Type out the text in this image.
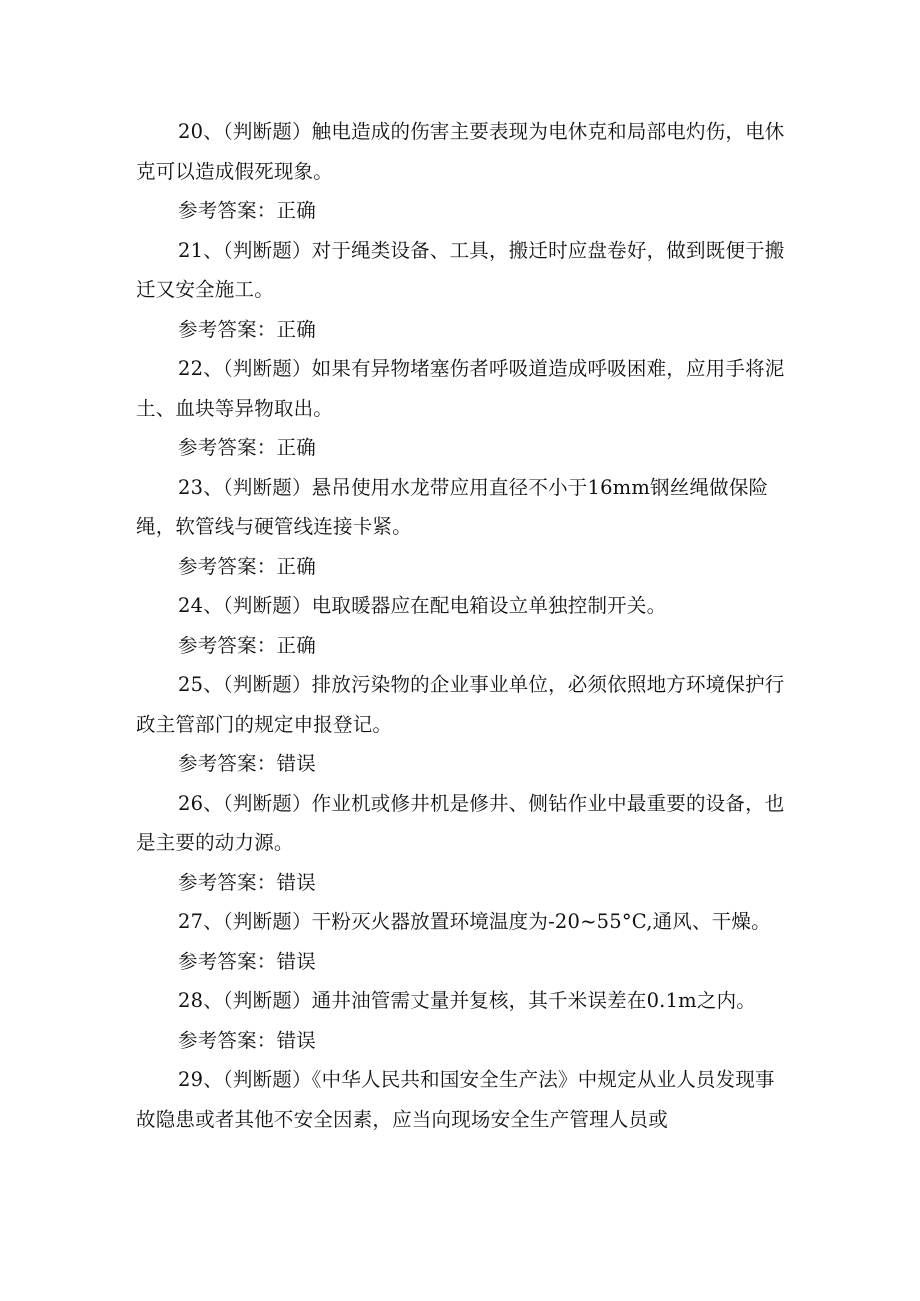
20、（判断题）触电造成的伤害主要表现为电休克和局部电灼伤，电休克可以造成假死现象。

参考答案：正确

21、（判断题）对于绳类设备、工具，搬迁时应盘卷好，做到既便于搬迁又安全施工。

参考答案：正确

22、（判断题）如果有异物堵塞伤者呼吸道造成呼吸困难，应用手将泥土、血块等异物取出。

参考答案：正确

23、（判断题）悬吊使用水龙带应用直径不小于16mm钢丝绳做保险绳，软管线与硬管线连接卡紧。

参考答案：正确

24、（判断题）电取暖器应在配电箱设立单独控制开关。

参考答案：正确

25、（判断题）排放污染物的企业事业单位，必须依照地方环境保护行政主管部门的规定申报登记。

参考答案：错误

26、（判断题）作业机或修井机是修井、侧钻作业中最重要的设备，也是主要的动力源。

参考答案：错误

27、（判断题）干粉灭火器放置环境温度为-20~55°C,通风、干燥。

参考答案：错误

28、（判断题）通井油管需丈量并复核，其千米误差在0.1m之内。

参考答案：错误

29、（判断题）《中华人民共和国安全生产法》中规定从业人员发现事故隐患或者其他不安全因素，应当向现场安全生产管理人员或
